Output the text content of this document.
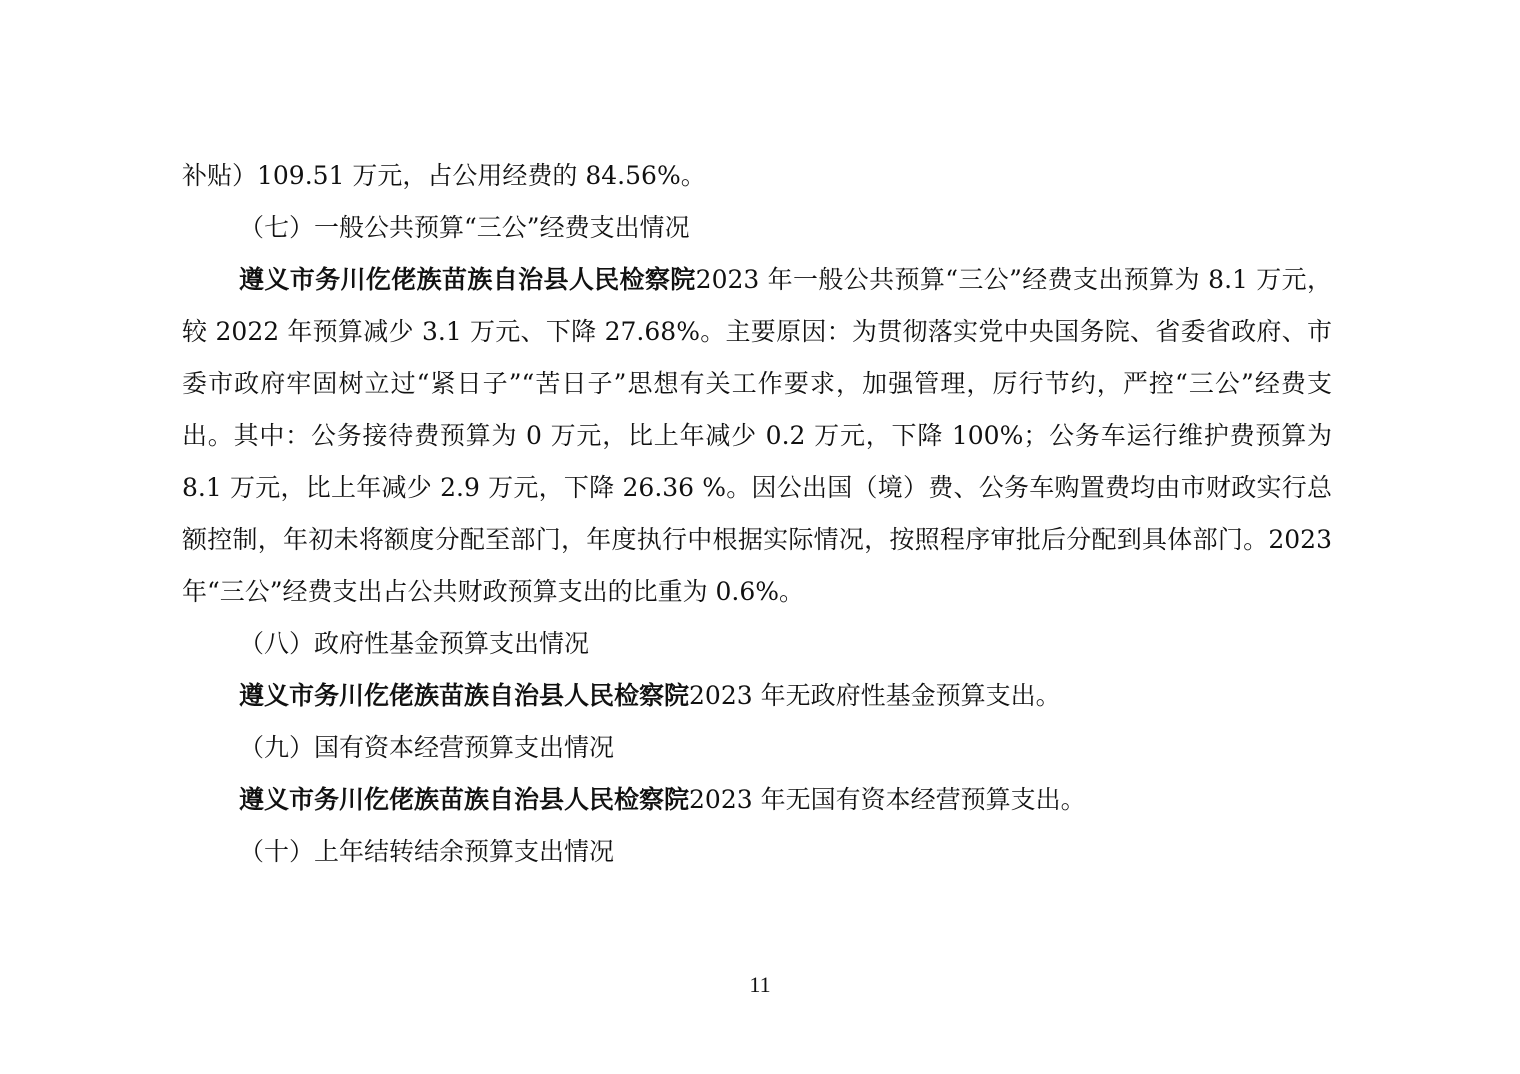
补贴）109.51 万元，占公用经费的 84.56%。

（七）一般公共预算“三公”经费支出情况

遵义市务川仡佬族苗族自治县人民检察院2023 年一般公共预算“三公”经费支出预算为 8.1 万元，较 2022 年预算减少 3.1 万元、下降 27.68%。主要原因：为贯彻落实党中央国务院、省委省政府、市委市政府牢固树立过“紧日子”“苦日子”思想有关工作要求，加强管理，厉行节约，严控“三公”经费支出。其中：公务接待费预算为 0 万元，比上年减少 0.2 万元，下降 100%；公务车运行维护费预算为 8.1 万元，比上年减少 2.9 万元，下降 26.36 %。因公出国（境）费、公务车购置费均由市财政实行总额控制，年初未将额度分配至部门，年度执行中根据实际情况，按照程序审批后分配到具体部门。2023 年“三公”经费支出占公共财政预算支出的比重为 0.6%。

（八）政府性基金预算支出情况

遵义市务川仡佬族苗族自治县人民检察院2023 年无政府性基金预算支出。

（九）国有资本经营预算支出情况

遵义市务川仡佬族苗族自治县人民检察院2023 年无国有资本经营预算支出。

（十）上年结转结余预算支出情况

11
